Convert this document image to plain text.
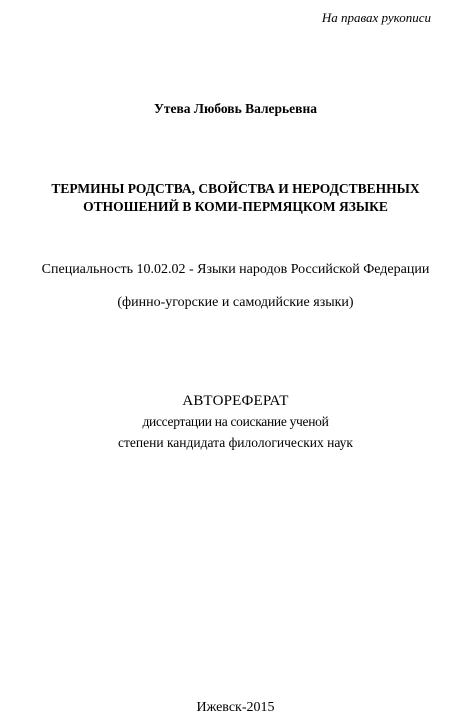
На правах рукописи
Утева Любовь Валерьевна
ТЕРМИНЫ РОДСТВА, СВОЙСТВА И НЕРОДСТВЕННЫХ
ОТНОШЕНИЙ В КОМИ-ПЕРМЯЦКОМ ЯЗЫКЕ
Специальность 10.02.02 - Языки народов Российской Федерации
(финно-угорские и самодийские языки)
АВТОРЕФЕРАТ
диссертации на соискание ученой
степени кандидата филологических наук
Ижевск-2015
